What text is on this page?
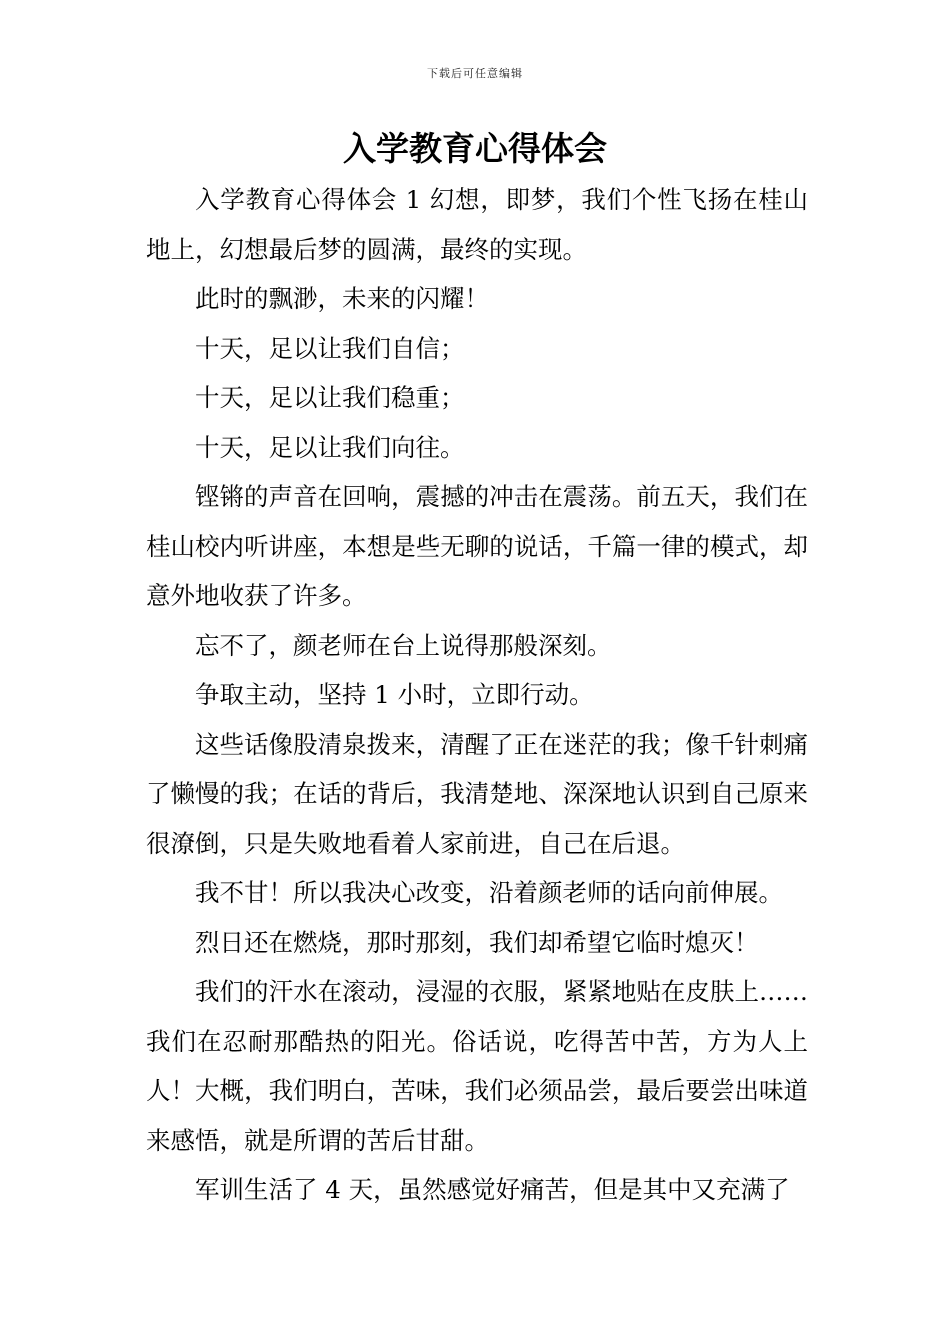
下载后可任意编辑
入学教育心得体会

入学教育心得体会 1 幻想，即梦，我们个性飞扬在桂山地上，幻想最后梦的圆满，最终的实现。

此时的飘渺，未来的闪耀！

十天，足以让我们自信；

十天，足以让我们稳重；

十天，足以让我们向往。

铿锵的声音在回响，震撼的冲击在震荡。前五天，我们在桂山校内听讲座，本想是些无聊的说话，千篇一律的模式，却意外地收获了许多。

忘不了，颜老师在台上说得那般深刻。

争取主动，坚持 1 小时，立即行动。

这些话像股清泉拨来，清醒了正在迷茫的我；像千针刺痛了懒慢的我；在话的背后，我清楚地、深深地认识到自己原来很潦倒，只是失败地看着人家前进，自己在后退。

我不甘！所以我决心改变，沿着颜老师的话向前伸展。

烈日还在燃烧，那时那刻，我们却希望它临时熄灭！

我们的汗水在滚动，浸湿的衣服，紧紧地贴在皮肤上……我们在忍耐那酷热的阳光。俗话说，吃得苦中苦，方为人上人！大概，我们明白，苦味，我们必须品尝，最后要尝出味道来感悟，就是所谓的苦后甘甜。

军训生活了 4 天，虽然感觉好痛苦，但是其中又充满了
